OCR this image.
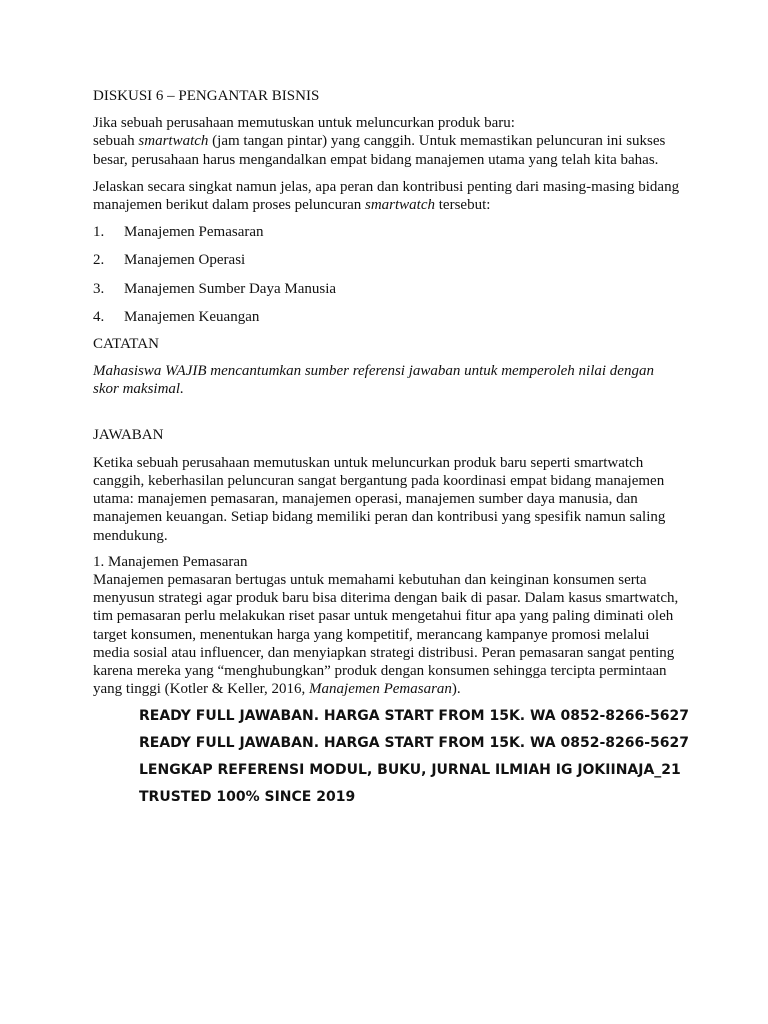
DISKUSI 6 – PENGANTAR BISNIS

Jika sebuah perusahaan memutuskan untuk meluncurkan produk baru:
sebuah smartwatch (jam tangan pintar) yang canggih. Untuk memastikan peluncuran ini sukses besar, perusahaan harus mengandalkan empat bidang manajemen utama yang telah kita bahas.

Jelaskan secara singkat namun jelas, apa peran dan kontribusi penting dari masing-masing bidang manajemen berikut dalam proses peluncuran smartwatch tersebut:

1.	Manajemen Pemasaran
2.	Manajemen Operasi
3.	Manajemen Sumber Daya Manusia
4.	Manajemen Keuangan

CATATAN

Mahasiswa WAJIB mencantumkan sumber referensi jawaban untuk memperoleh nilai dengan skor maksimal.

JAWABAN

Ketika sebuah perusahaan memutuskan untuk meluncurkan produk baru seperti smartwatch canggih, keberhasilan peluncuran sangat bergantung pada koordinasi empat bidang manajemen utama: manajemen pemasaran, manajemen operasi, manajemen sumber daya manusia, dan manajemen keuangan. Setiap bidang memiliki peran dan kontribusi yang spesifik namun saling mendukung.

1. Manajemen Pemasaran

Manajemen pemasaran bertugas untuk memahami kebutuhan dan keinginan konsumen serta menyusun strategi agar produk baru bisa diterima dengan baik di pasar. Dalam kasus smartwatch, tim pemasaran perlu melakukan riset pasar untuk mengetahui fitur apa yang paling diminati oleh target konsumen, menentukan harga yang kompetitif, merancang kampanye promosi melalui media sosial atau influencer, dan menyiapkan strategi distribusi. Peran pemasaran sangat penting karena mereka yang “menghubungkan” produk dengan konsumen sehingga tercipta permintaan yang tinggi (Kotler & Keller, 2016, Manajemen Pemasaran).

READY FULL JAWABAN. HARGA START FROM 15K. WA 0852-8266-5627
READY FULL JAWABAN. HARGA START FROM 15K. WA 0852-8266-5627
LENGKAP REFERENSI MODUL, BUKU, JURNAL ILMIAH IG JOKIINAJA_21
TRUSTED 100% SINCE 2019
